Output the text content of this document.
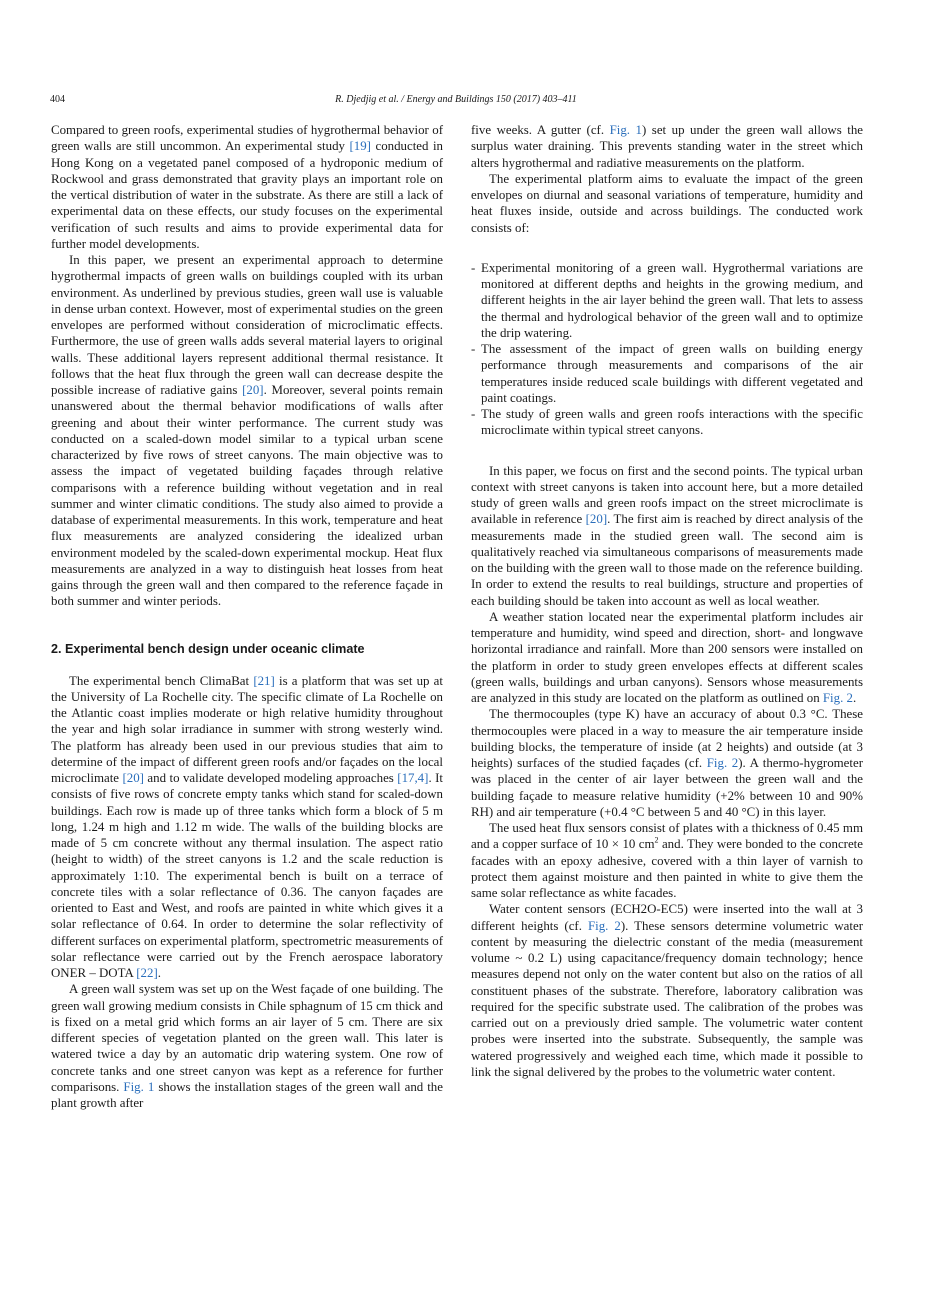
404	R. Djedjig et al. / Energy and Buildings 150 (2017) 403–411

Compared to green roofs, experimental studies of hygrothermal behavior of green walls are still uncommon. An experimental study [19] conducted in Hong Kong on a vegetated panel composed of a hydroponic medium of Rockwool and grass demonstrated that gravity plays an important role on the vertical distribution of water in the substrate. As there are still a lack of experimental data on these effects, our study focuses on the experimental verification of such results and aims to provide experimental data for further model developments.

In this paper, we present an experimental approach to determine hygrothermal impacts of green walls on buildings coupled with its urban environment. As underlined by previous studies, green wall use is valuable in dense urban context. However, most of experimental studies on the green envelopes are performed without consideration of microclimatic effects. Furthermore, the use of green walls adds several material layers to original walls. These additional layers represent additional thermal resistance. It follows that the heat flux through the green wall can decrease despite the possible increase of radiative gains [20]. Moreover, several points remain unanswered about the thermal behavior modifications of walls after greening and about their winter performance. The current study was conducted on a scaled-down model similar to a typical urban scene characterized by five rows of street canyons. The main objective was to assess the impact of vegetated building façades through relative comparisons with a reference building without vegetation and in real summer and winter climatic conditions. The study also aimed to provide a database of experimental measurements. In this work, temperature and heat flux measurements are analyzed considering the idealized urban environment modeled by the scaled-down experimental mockup. Heat flux measurements are analyzed in a way to distinguish heat losses from heat gains through the green wall and then compared to the reference façade in both summer and winter periods.

2. Experimental bench design under oceanic climate

The experimental bench ClimaBat [21] is a platform that was set up at the University of La Rochelle city. The specific climate of La Rochelle on the Atlantic coast implies moderate or high relative humidity throughout the year and high solar irradiance in summer with strong westerly wind. The platform has already been used in our previous studies that aim to determine of the impact of different green roofs and/or façades on the local microclimate [20] and to validate developed modeling approaches [17,4]. It consists of five rows of concrete empty tanks which stand for scaled-down buildings. Each row is made up of three tanks which form a block of 5 m long, 1.24 m high and 1.12 m wide. The walls of the building blocks are made of 5 cm concrete without any thermal insulation. The aspect ratio (height to width) of the street canyons is 1.2 and the scale reduction is approximately 1:10. The experimental bench is built on a terrace of concrete tiles with a solar reflectance of 0.36. The canyon façades are oriented to East and West, and roofs are painted in white which gives it a solar reflectance of 0.64. In order to determine the solar reflectivity of different surfaces on experimental platform, spectrometric measurements of solar reflectance were carried out by the French aerospace laboratory ONER – DOTA [22].

A green wall system was set up on the West façade of one building. The green wall growing medium consists in Chile sphagnum of 15 cm thick and is fixed on a metal grid which forms an air layer of 5 cm. There are six different species of vegetation planted on the green wall. This later is watered twice a day by an automatic drip watering system. One row of concrete tanks and one street canyon was kept as a reference for further comparisons. Fig. 1 shows the installation stages of the green wall and the plant growth after

five weeks. A gutter (cf. Fig. 1) set up under the green wall allows the surplus water draining. This prevents standing water in the street which alters hygrothermal and radiative measurements on the platform.

The experimental platform aims to evaluate the impact of the green envelopes on diurnal and seasonal variations of temperature, humidity and heat fluxes inside, outside and across buildings. The conducted work consists of:

- Experimental monitoring of a green wall. Hygrothermal variations are monitored at different depths and heights in the growing medium, and different heights in the air layer behind the green wall. That lets to assess the thermal and hydrological behavior of the green wall and to optimize the drip watering.
- The assessment of the impact of green walls on building energy performance through measurements and comparisons of the air temperatures inside reduced scale buildings with different vegetated and paint coatings.
- The study of green walls and green roofs interactions with the specific microclimate within typical street canyons.

In this paper, we focus on first and the second points. The typical urban context with street canyons is taken into account here, but a more detailed study of green walls and green roofs impact on the street microclimate is available in reference [20]. The first aim is reached by direct analysis of the measurements made in the studied green wall. The second aim is qualitatively reached via simultaneous comparisons of measurements made on the building with the green wall to those made on the reference building. In order to extend the results to real buildings, structure and properties of each building should be taken into account as well as local weather.

A weather station located near the experimental platform includes air temperature and humidity, wind speed and direction, short- and longwave horizontal irradiance and rainfall. More than 200 sensors were installed on the platform in order to study green envelopes effects at different scales (green walls, buildings and urban canyons). Sensors whose measurements are analyzed in this study are located on the platform as outlined on Fig. 2.

The thermocouples (type K) have an accuracy of about 0.3 °C. These thermocouples were placed in a way to measure the air temperature inside building blocks, the temperature of inside (at 2 heights) and outside (at 3 heights) surfaces of the studied façades (cf. Fig. 2). A thermo-hygrometer was placed in the center of air layer between the green wall and the building façade to measure relative humidity (+2% between 10 and 90% RH) and air temperature (+0.4 °C between 5 and 40 °C) in this layer.

The used heat flux sensors consist of plates with a thickness of 0.45 mm and a copper surface of 10 × 10 $cm^2$ and. They were bonded to the concrete facades with an epoxy adhesive, covered with a thin layer of varnish to protect them against moisture and then painted in white to give them the same solar reflectance as white facades.

Water content sensors (ECH2O-EC5) were inserted into the wall at 3 different heights (cf. Fig. 2). These sensors determine volumetric water content by measuring the dielectric constant of the media (measurement volume ~ 0.2 L) using capacitance/frequency domain technology; hence measures depend not only on the water content but also on the ratios of all constituent phases of the substrate. Therefore, laboratory calibration was required for the specific substrate used. The calibration of the probes was carried out on a previously dried sample. The volumetric water content probes were inserted into the substrate. Subsequently, the sample was watered progressively and weighed each time, which made it possible to link the signal delivered by the probes to the volumetric water content.
